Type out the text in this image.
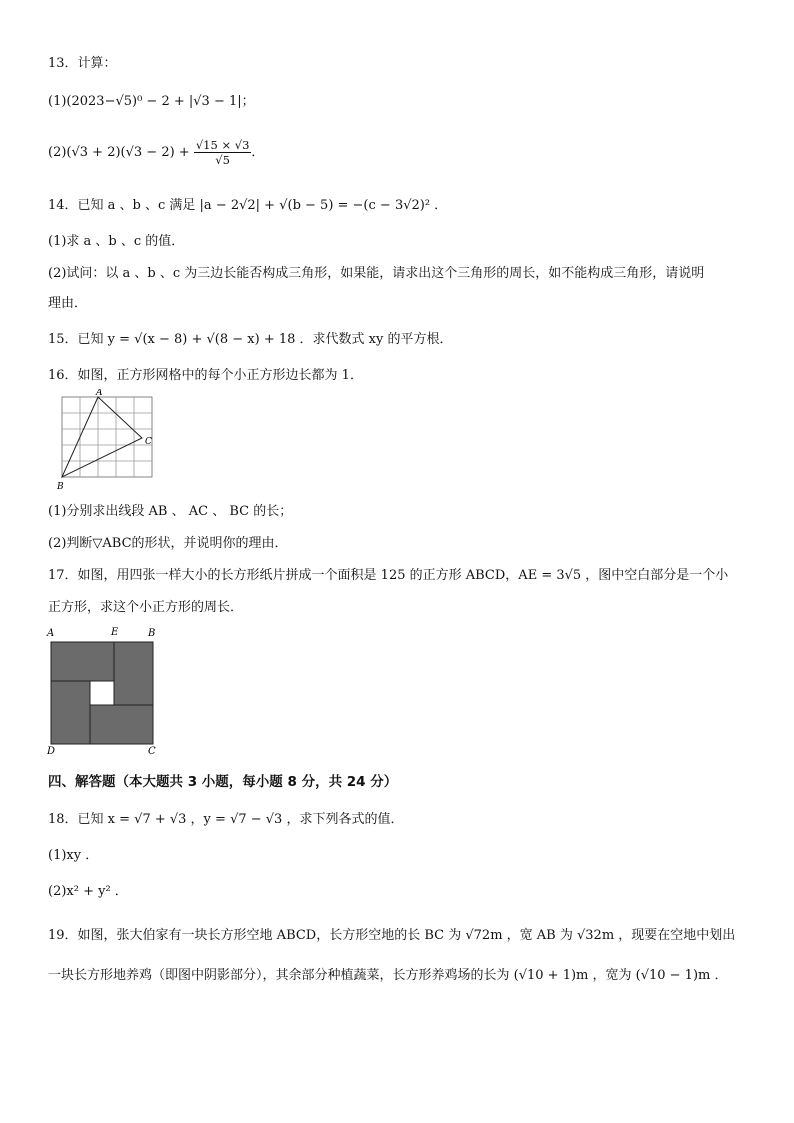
13．计算：
(1)(2023−√5)⁰ − 2 + |√3 − 1|；
$(2)(√3 + 2)(√3 - 2) + \frac{√15 \times √3}{√5}$ ．
14．已知 a 、b 、c 满足 |a − 2√2| + √(b − 5) = −(c − 3√2)² ．
(1)求 a 、b 、c 的值．
(2)试问：以 a 、b 、c 为三边长能否构成三角形，如果能，请求出这个三角形的周长，如不能构成三角形，请说明
理由．
15．已知 y = √(x − 8) + √(8 − x) + 18 ．求代数式 xy 的平方根．
16．如图，正方形网格中的每个小正方形边长都为 1．
A
B
C
(1)分别求出线段 AB 、 AC 、 BC 的长；
(2)判断▽ABC的形状，并说明你的理由．
17．如图，用四张一样大小的长方形纸片拼成一个面积是 125 的正方形 ABCD，AE = 3√5 ，图中空白部分是一个小
正方形，求这个小正方形的周长．
A	E	B
D	C
四、解答题（本大题共 3 小题，每小题 8 分，共 24 分）
18．已知 x = √7 + √3 ，y = √7 − √3 ，求下列各式的值．
(1)xy ．
(2)x² + y² ．
19．如图，张大伯家有一块长方形空地 ABCD，长方形空地的长 BC 为 √72m ，宽 AB 为 √32m ，现要在空地中划出
一块长方形地养鸡（即图中阴影部分），其余部分种植蔬菜，长方形养鸡场的长为 (√10 + 1)m ，宽为 (√10 − 1)m ．
